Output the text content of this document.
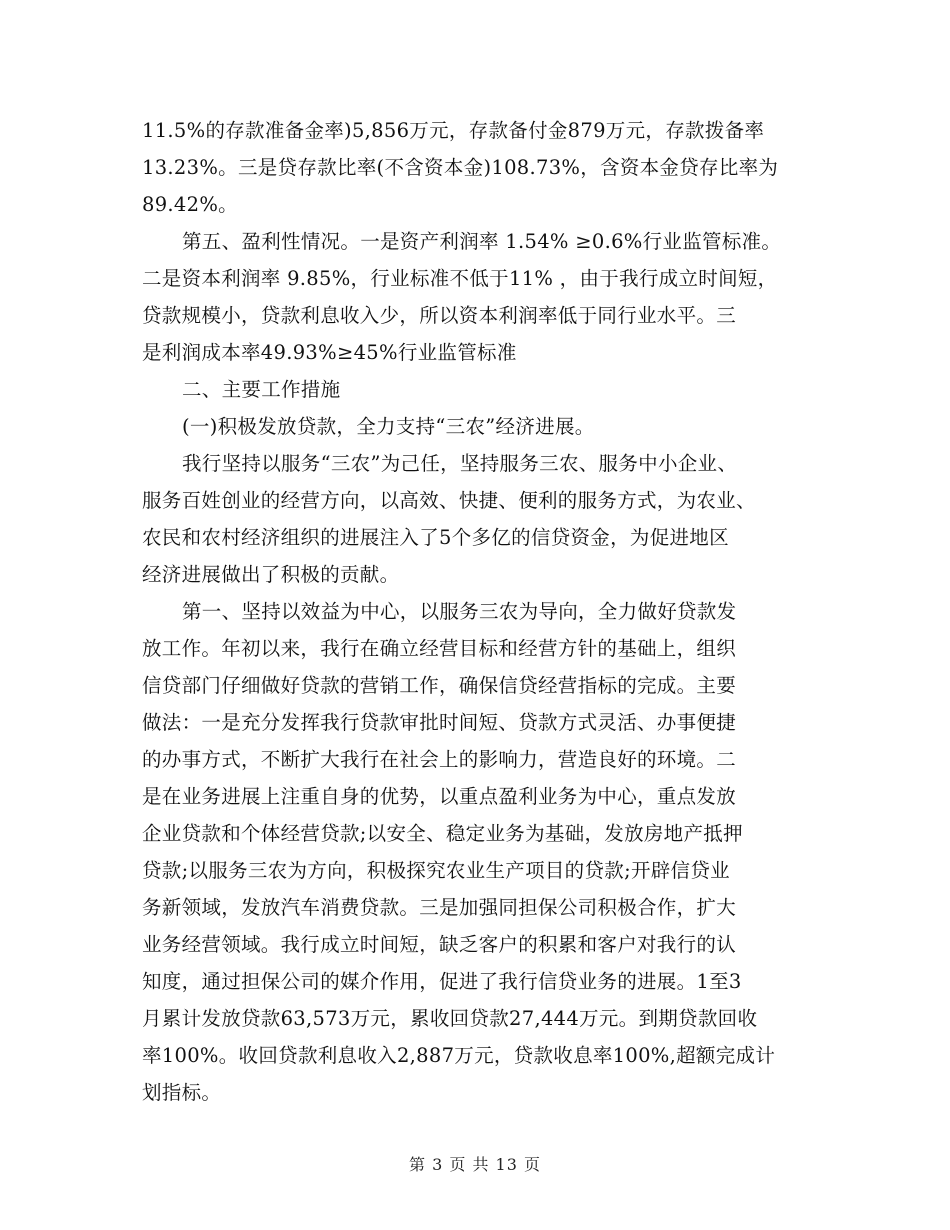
11.5%的存款准备金率)5,856万元，存款备付金879万元，存款拨备率
13.23%。三是贷存款比率(不含资本金)108.73%，含资本金贷存比率为
89.42%。
第五、盈利性情况。一是资产利润率 1.54% ≥0.6%行业监管标准。
二是资本利润率 9.85%，行业标准不低于11% ，由于我行成立时间短，
贷款规模小，贷款利息收入少，所以资本利润率低于同行业水平。三
是利润成本率49.93%≥45%行业监管标准
二、主要工作措施
(一)积极发放贷款，全力支持“三农”经济进展。
我行坚持以服务“三农”为己任，坚持服务三农、服务中小企业、
服务百姓创业的经营方向，以高效、快捷、便利的服务方式，为农业、
农民和农村经济组织的进展注入了5个多亿的信贷资金，为促进地区
经济进展做出了积极的贡献。
第一、坚持以效益为中心，以服务三农为导向，全力做好贷款发
放工作。年初以来，我行在确立经营目标和经营方针的基础上，组织
信贷部门仔细做好贷款的营销工作，确保信贷经营指标的完成。主要
做法：一是充分发挥我行贷款审批时间短、贷款方式灵活、办事便捷
的办事方式，不断扩大我行在社会上的影响力，营造良好的环境。二
是在业务进展上注重自身的优势，以重点盈利业务为中心，重点发放
企业贷款和个体经营贷款;以安全、稳定业务为基础，发放房地产抵押
贷款;以服务三农为方向，积极探究农业生产项目的贷款;开辟信贷业
务新领域，发放汽车消费贷款。三是加强同担保公司积极合作，扩大
业务经营领域。我行成立时间短，缺乏客户的积累和客户对我行的认
知度，通过担保公司的媒介作用，促进了我行信贷业务的进展。1至3
月累计发放贷款63,573万元，累收回贷款27,444万元。到期贷款回收
率100%。收回贷款利息收入2,887万元，贷款收息率100%,超额完成计
划指标。
第 3 页 共 13 页
